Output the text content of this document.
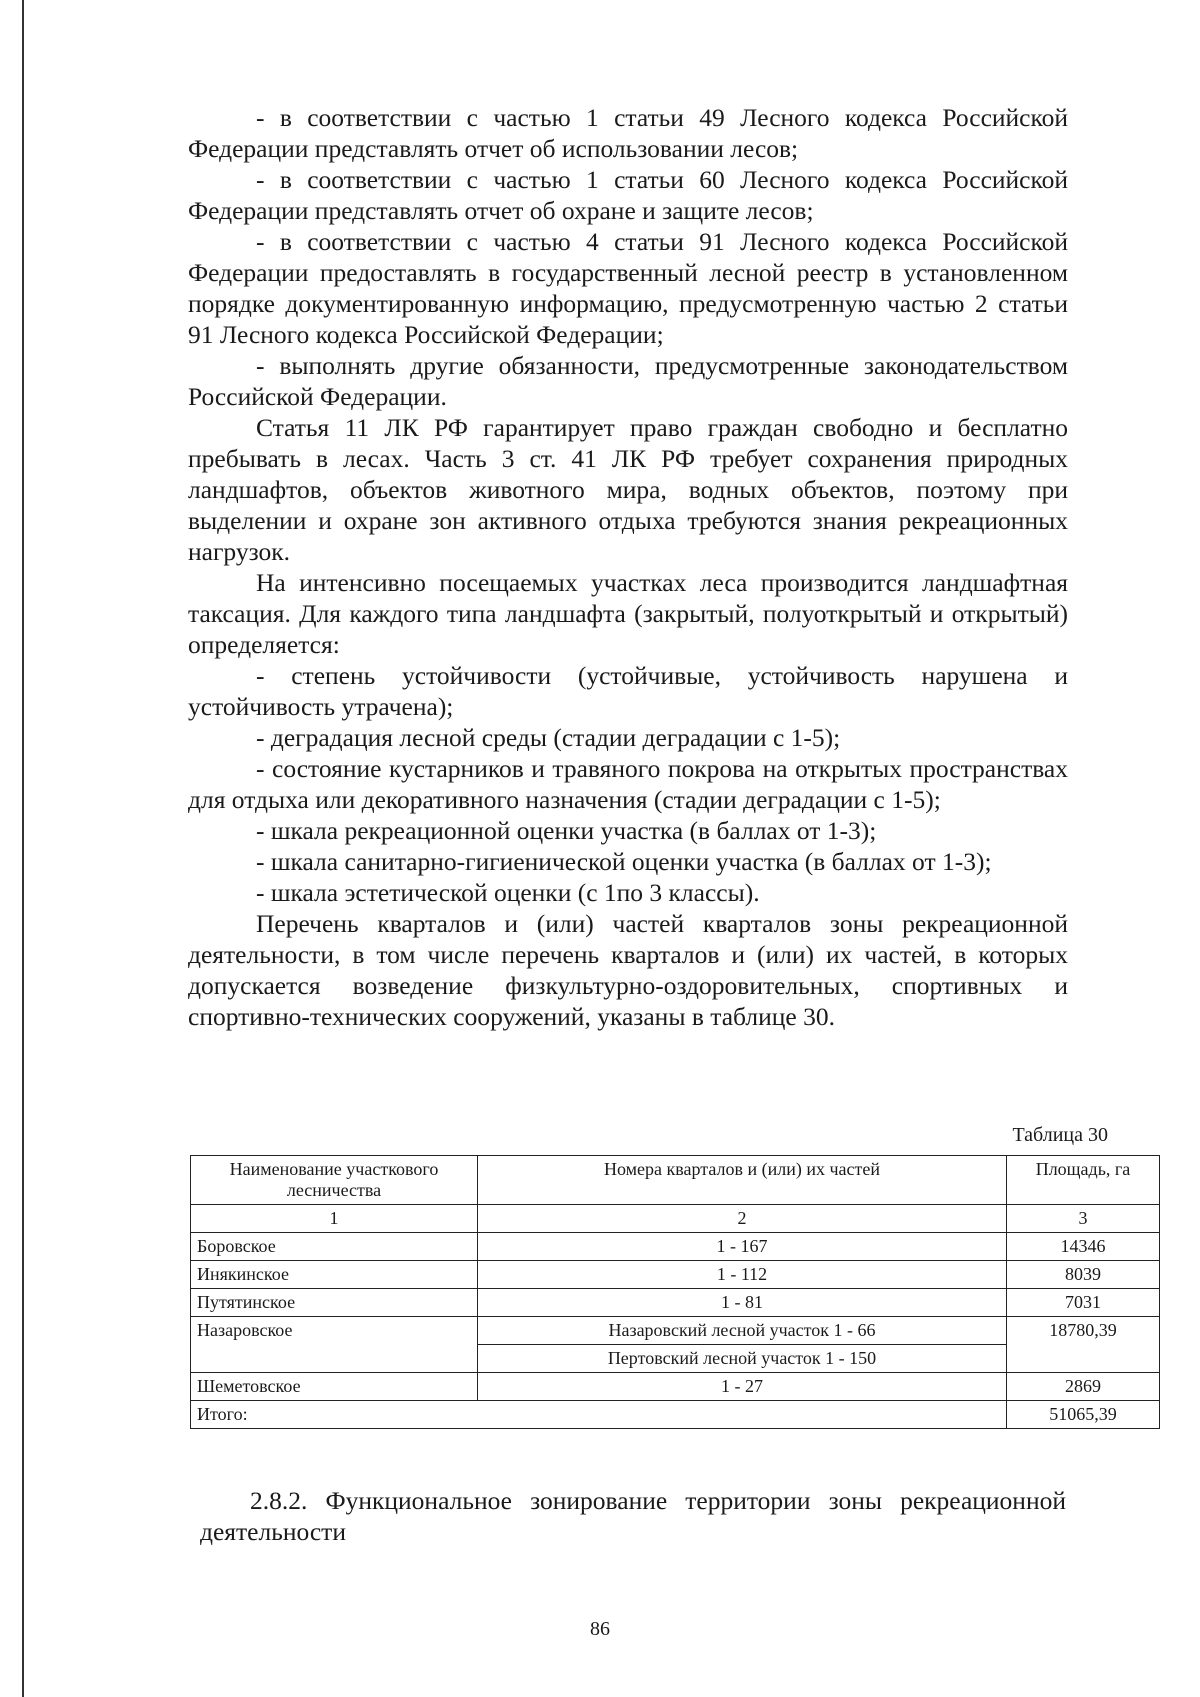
- в соответствии с частью 1 статьи 49 Лесного кодекса Российской Федерации представлять отчет об использовании лесов;

- в соответствии с частью 1 статьи 60 Лесного кодекса Российской Федерации представлять отчет об охране и защите лесов;

- в соответствии с частью 4 статьи 91 Лесного кодекса Российской Федерации предоставлять в государственный лесной реестр в установленном порядке документированную информацию, предусмотренную частью 2 статьи 91 Лесного кодекса Российской Федерации;

- выполнять другие обязанности, предусмотренные законодательством Российской Федерации.

Статья 11 ЛК РФ гарантирует право граждан свободно и бесплатно пребывать в лесах. Часть 3 ст. 41 ЛК РФ требует сохранения природных ландшафтов, объектов животного мира, водных объектов, поэтому при выделении и охране зон активного отдыха требуются знания рекреационных нагрузок.

На интенсивно посещаемых участках леса производится ландшафтная таксация. Для каждого типа ландшафта (закрытый, полуоткрытый и открытый) определяется:

- степень устойчивости (устойчивые, устойчивость нарушена и устойчивость утрачена);

- деградация лесной среды (стадии деградации с 1-5);

- состояние кустарников и травяного покрова на открытых пространствах для отдыха или декоративного назначения (стадии деградации с 1-5);

- шкала рекреационной оценки участка (в баллах от 1-3);

- шкала санитарно-гигиенической оценки участка (в баллах от 1-3);

- шкала эстетической оценки (с 1по 3 классы).

Перечень кварталов и (или) частей кварталов зоны рекреационной деятельности, в том числе перечень кварталов и (или) их частей, в которых допускается возведение физкультурно-оздоровительных, спортивных и спортивно-технических сооружений, указаны в таблице 30.

Таблица 30
Наименование участкового лесничества	Номера кварталов и (или) их частей	Площадь, га
1	2	3
Боровское	1 - 167	14346
Инякинское	1 - 112	8039
Путятинское	1 - 81	7031
Назаровское	Назаровский лесной участок 1 - 66	18780,39
	Пертовский лесной участок 1 - 150	
Шеметовское	1 - 27	2869
Итого:		51065,39
2.8.2. Функциональное зонирование территории зоны рекреационной деятельности
86
